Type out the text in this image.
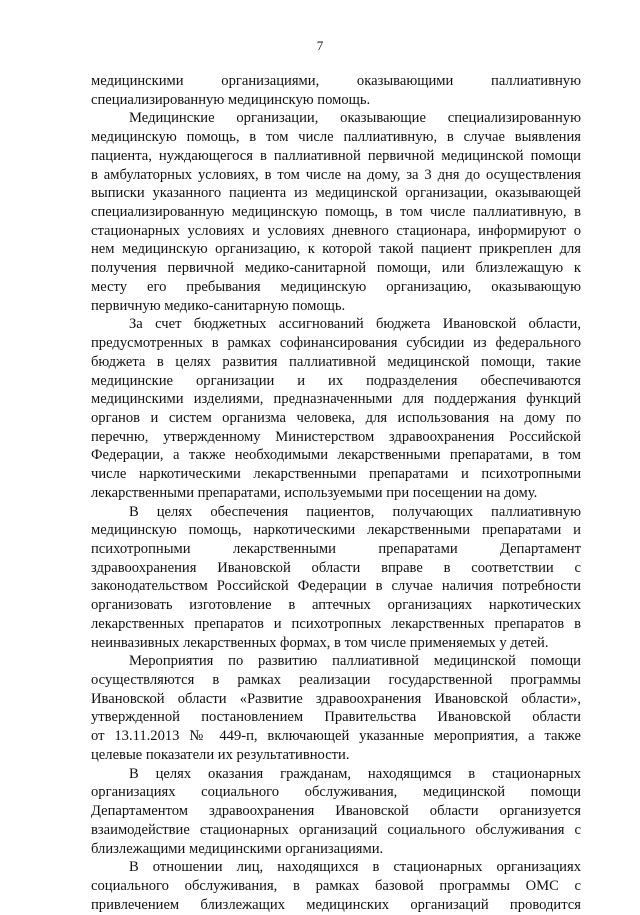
7
медицинскими организациями, оказывающими паллиативную
специализированную медицинскую помощь.
Медицинские организации, оказывающие специализированную
медицинскую помощь, в том числе паллиативную, в случае выявления
пациента, нуждающегося в паллиативной первичной медицинской помощи
в амбулаторных условиях, в том числе на дому, за 3 дня до осуществления
выписки указанного пациента из медицинской организации, оказывающей
специализированную медицинскую помощь, в том числе паллиативную, в
стационарных условиях и условиях дневного стационара, информируют о
нем медицинскую организацию, к которой такой пациент прикреплен для
получения первичной медико-санитарной помощи, или близлежащую к
месту его пребывания медицинскую организацию, оказывающую
первичную медико-санитарную помощь.
За счет бюджетных ассигнований бюджета Ивановской области,
предусмотренных в рамках софинансирования субсидии из федерального
бюджета в целях развития паллиативной медицинской помощи, такие
медицинские организации и их подразделения обеспечиваются
медицинскими изделиями, предназначенными для поддержания функций
органов и систем организма человека, для использования на дому по
перечню, утвержденному Министерством здравоохранения Российской
Федерации, а также необходимыми лекарственными препаратами, в том
числе наркотическими лекарственными препаратами и психотропными
лекарственными препаратами, используемыми при посещении на дому.
В целях обеспечения пациентов, получающих паллиативную
медицинскую помощь, наркотическими лекарственными препаратами и
психотропными лекарственными препаратами Департамент
здравоохранения Ивановской области вправе в соответствии с
законодательством Российской Федерации в случае наличия потребности
организовать изготовление в аптечных организациях наркотических
лекарственных препаратов и психотропных лекарственных препаратов в
неинвазивных лекарственных формах, в том числе применяемых у детей.
Мероприятия по развитию паллиативной медицинской помощи
осуществляются в рамках реализации государственной программы
Ивановской области «Развитие здравоохранения Ивановской области»,
утвержденной постановлением Правительства Ивановской области
от 13.11.2013 № 449-п, включающей указанные мероприятия, а также
целевые показатели их результативности.
В целях оказания гражданам, находящимся в стационарных
организациях социального обслуживания, медицинской помощи
Департаментом здравоохранения Ивановской области организуется
взаимодействие стационарных организаций социального обслуживания с
близлежащими медицинскими организациями.
В отношении лиц, находящихся в стационарных организациях
социального обслуживания, в рамках базовой программы ОМС с
привлечением близлежащих медицинских организаций проводится
